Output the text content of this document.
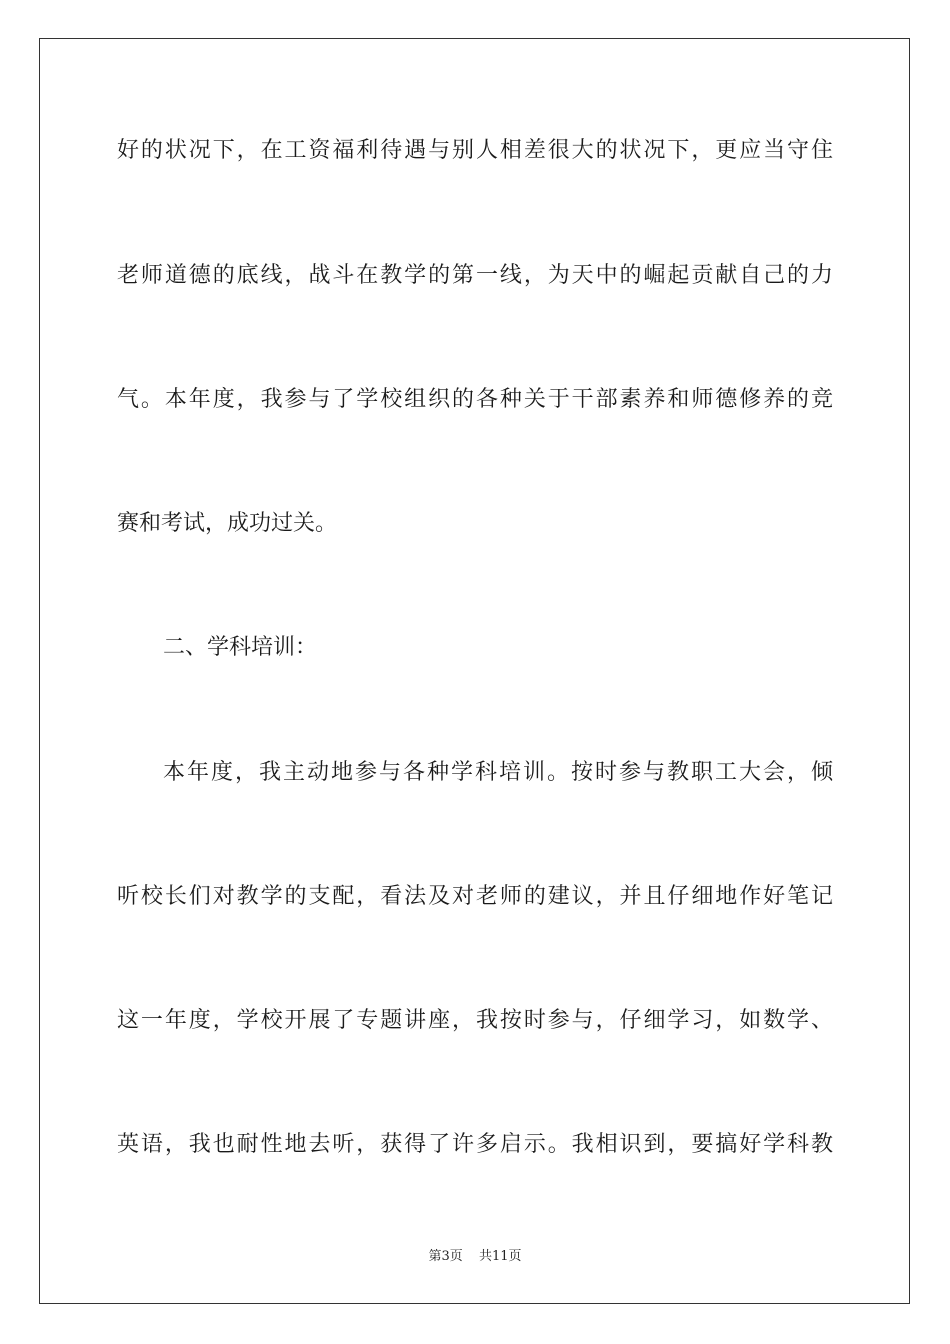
好的状况下，在工资福利待遇与别人相差很大的状况下，更应当守住
老师道德的底线，战斗在教学的第一线，为天中的崛起贡献自己的力
气。本年度，我参与了学校组织的各种关于干部素养和师德修养的竞
赛和考试，成功过关。
二、学科培训：
本年度，我主动地参与各种学科培训。按时参与教职工大会，倾
听校长们对教学的支配，看法及对老师的建议，并且仔细地作好笔记
这一年度，学校开展了专题讲座，我按时参与，仔细学习，如数学、
英语，我也耐性地去听，获得了许多启示。我相识到，要搞好学科教
第3页 共11页
